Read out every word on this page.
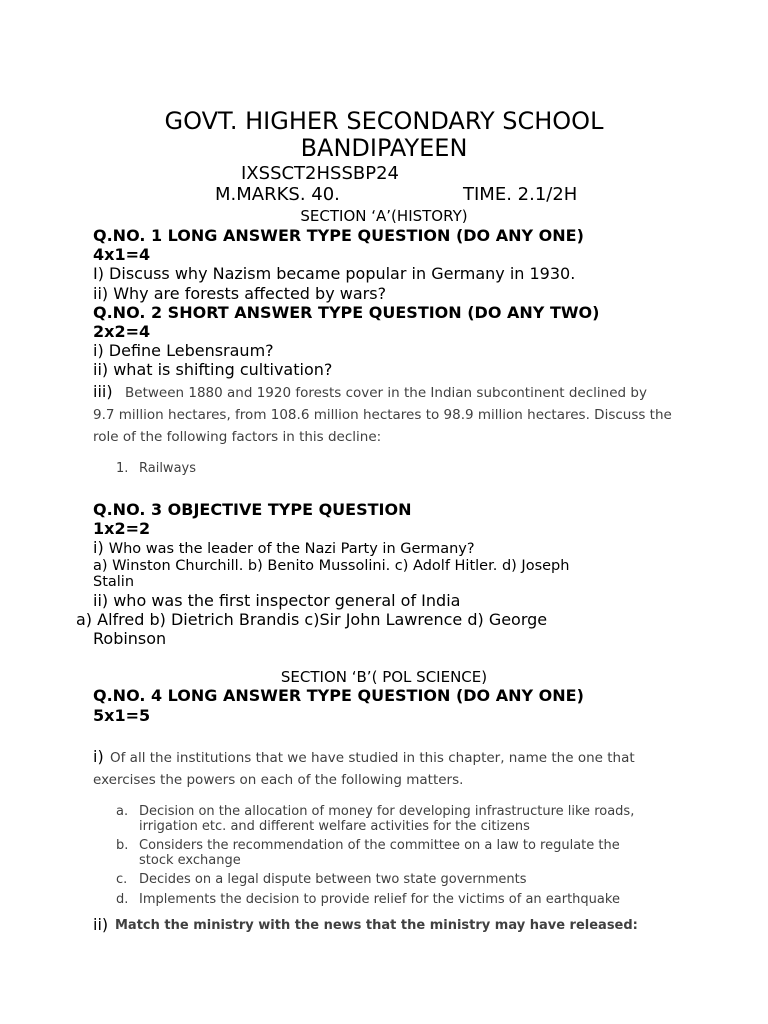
GOVT. HIGHER SECONDARY SCHOOL
BANDIPAYEEN
IXSSCT2HSSBP24
M.MARKS. 40.	TIME. 2.1/2H
SECTION ‘A’(HISTORY)
Q.NO. 1 LONG ANSWER TYPE QUESTION (DO ANY ONE)
4x1=4
I) Discuss why Nazism became popular in Germany in 1930.
ii) Why are forests affected by wars?
Q.NO. 2 SHORT ANSWER TYPE QUESTION (DO ANY TWO)
2x2=4
i) Define Lebensraum?
ii) what is shifting cultivation?
iii) Between 1880 and 1920 forests cover in the Indian subcontinent declined by
9.7 million hectares, from 108.6 million hectares to 98.9 million hectares. Discuss the
role of the following factors in this decline:
1. Railways
Q.NO. 3 OBJECTIVE TYPE QUESTION
1x2=2
i) Who was the leader of the Nazi Party in Germany?
a) Winston Churchill. b) Benito Mussolini. c) Adolf Hitler. d) Joseph
Stalin
ii) who was the first inspector general of India
a) Alfred b) Dietrich Brandis c)Sir John Lawrence d) George
Robinson
SECTION ‘B’( POL SCIENCE)
Q.NO. 4 LONG ANSWER TYPE QUESTION (DO ANY ONE)
5x1=5
i) Of all the institutions that we have studied in this chapter, name the one that
exercises the powers on each of the following matters.
a. Decision on the allocation of money for developing infrastructure like roads,
irrigation etc. and different welfare activities for the citizens
b. Considers the recommendation of the committee on a law to regulate the
stock exchange
c. Decides on a legal dispute between two state governments
d. Implements the decision to provide relief for the victims of an earthquake
ii) Match the ministry with the news that the ministry may have released:
